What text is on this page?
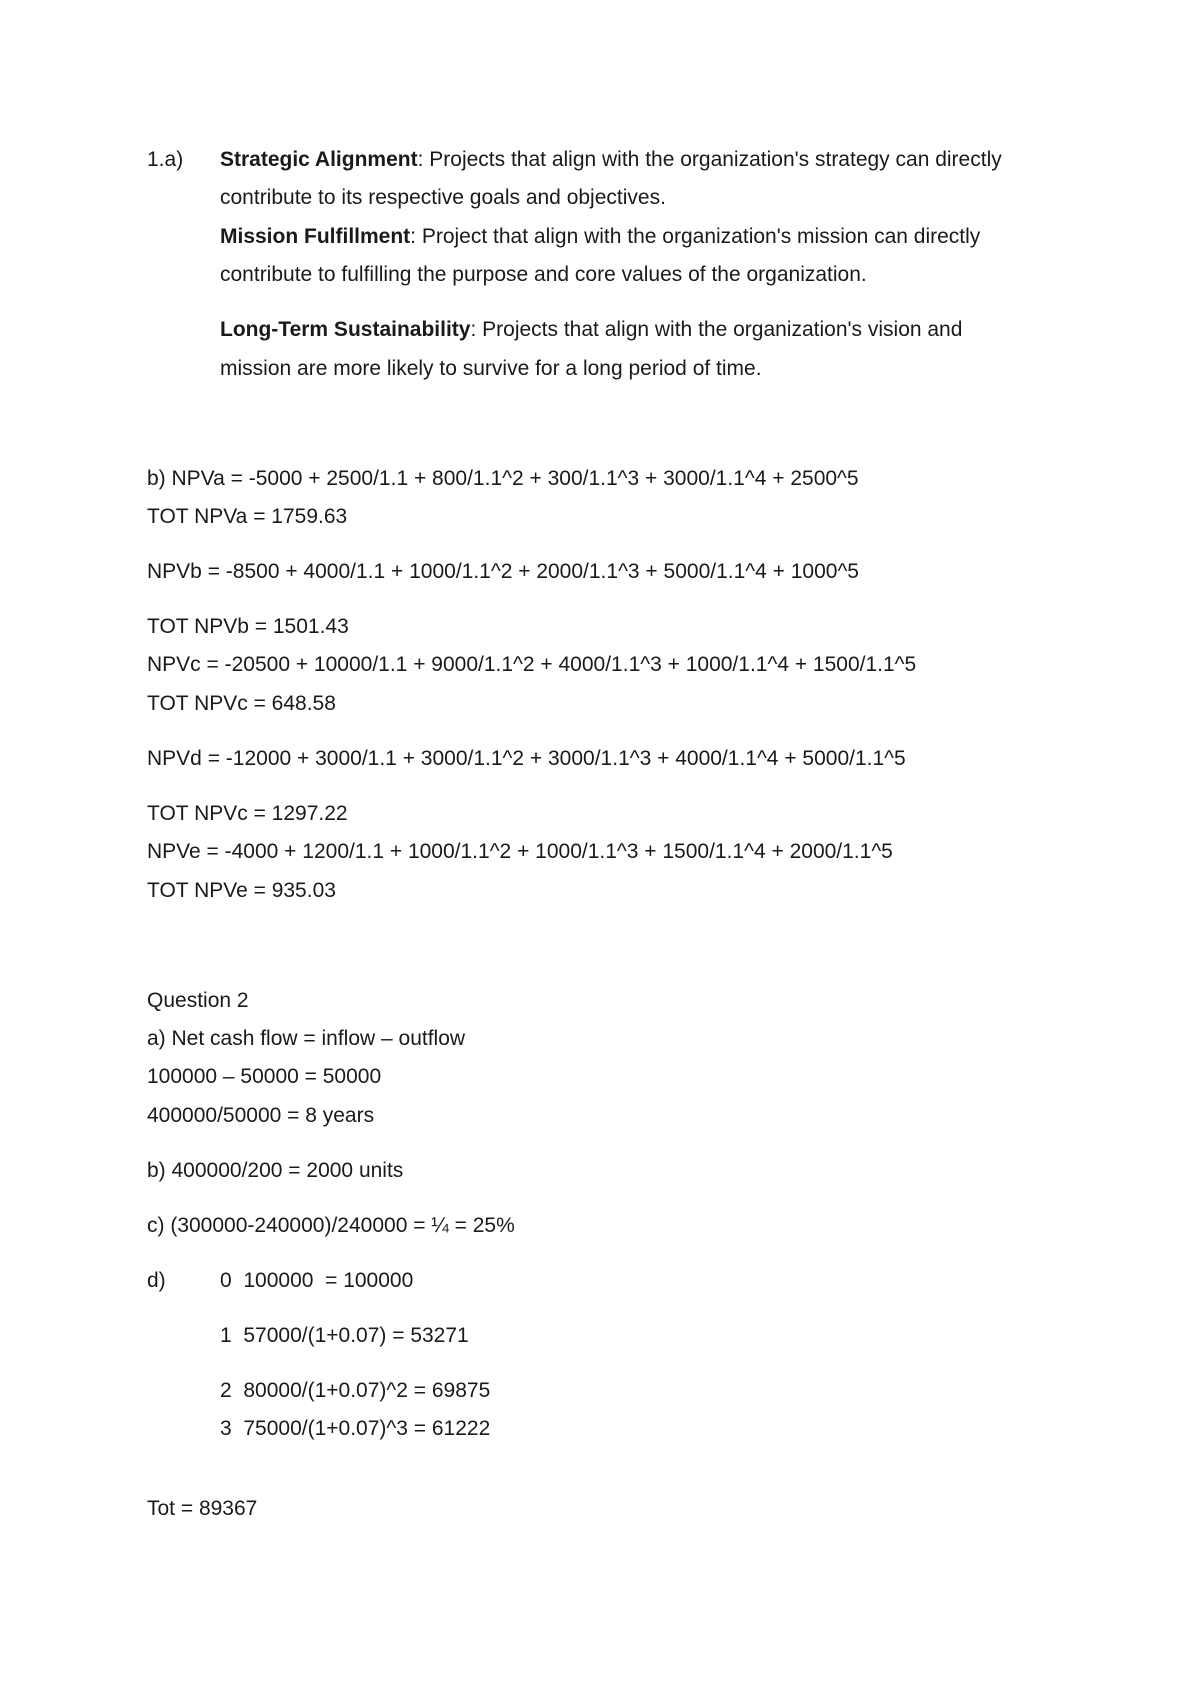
1.a) Strategic Alignment: Projects that align with the organization's strategy can directly
contribute to its respective goals and objectives.
Mission Fulfillment: Project that align with the organization's mission can directly
contribute to fulfilling the purpose and core values of the organization.
Long-Term Sustainability: Projects that align with the organization's vision and
mission are more likely to survive for a long period of time.
b) NPVa = -5000 + 2500/1.1 + 800/1.1^2 + 300/1.1^3 + 3000/1.1^4 + 2500^5
TOT NPVa = 1759.63
NPVb = -8500 + 4000/1.1 + 1000/1.1^2 + 2000/1.1^3 + 5000/1.1^4 + 1000^5
TOT NPVb = 1501.43
NPVc = -20500 + 10000/1.1 + 9000/1.1^2 + 4000/1.1^3 + 1000/1.1^4 + 1500/1.1^5
TOT NPVc = 648.58
NPVd = -12000 + 3000/1.1 + 3000/1.1^2 + 3000/1.1^3 + 4000/1.1^4 + 5000/1.1^5
TOT NPVc = 1297.22
NPVe = -4000 + 1200/1.1 + 1000/1.1^2 + 1000/1.1^3 + 1500/1.1^4 + 2000/1.1^5
TOT NPVe = 935.03
Question 2
a) Net cash flow = inflow – outflow
100000 – 50000 = 50000
400000/50000 = 8 years
b) 400000/200 = 2000 units
c) (300000-240000)/240000 = ¼ = 25%
d)	0  100000  = 100000
1  57000/(1+0.07) = 53271
2  80000/(1+0.07)^2 = 69875
3  75000/(1+0.07)^3 = 61222
Tot = 89367
